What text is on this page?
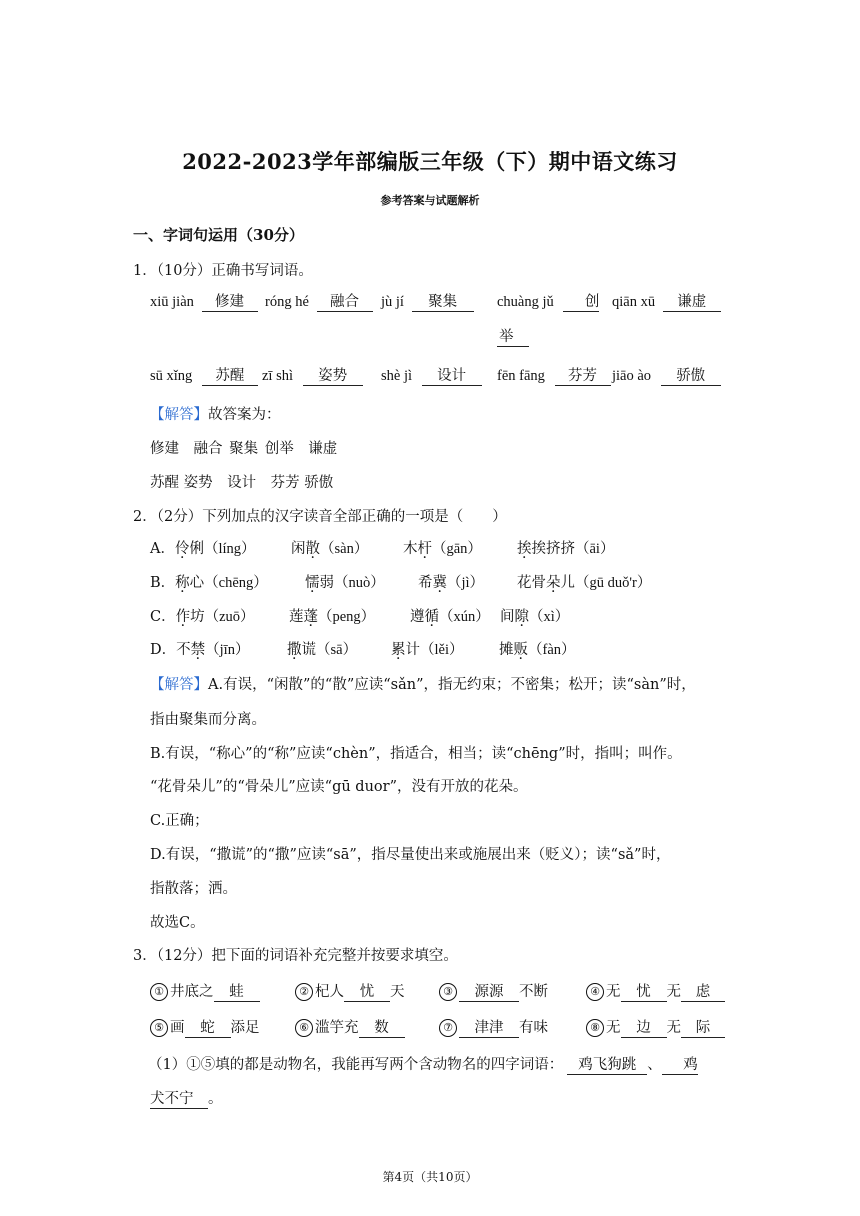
2022-2023学年部编版三年级（下）期中语文练习
参考答案与试题解析
一、字词句运用（30分）
1．（10分）正确书写词语。
xiū jiàn 修建	róng hé 融合	jù jí 聚集	chuàng jǔ 创 qiān xū 谦虚
举
sū xǐng 苏醒	zī shì 姿势	shè jì 设计	fēn fāng 芬芳	jiāo ào 骄傲
【解答】故答案为：
修建　融合 聚集 创举　谦虚
苏醒 姿势　设计　芬芳 骄傲
2．（2分）下列加点的汉字读音全部正确的一项是（　　）
A．伶俐（líng） 闲散（sàn） 木杆（gān） 挨挨挤挤（āi）
B．称心（chēng）	懦弱（nuò） 希冀（jì） 花骨朵儿（gū duǒ'r）
C．作坊（zuō） 莲蓬（peng） 遵循（xún） 间隙（xì）
D．不禁（jīn）	撒谎（sā） 累计（lěi） 摊贩（fàn）
【解答】A.有误，“闲散”的“散”应读“sǎn”，指无约束；不密集；松开；读“sàn”时，
指由聚集而分离。
B.有误，“称心”的“称”应读“chèn”，指适合，相当；读“chēng”时，指叫；叫作。
“花骨朵儿”的“骨朵儿”应读“gū duor”，没有开放的花朵。
C.正确；
D.有误，“撒谎”的“撒”应读“sā”，指尽量使出来或施展出来（贬义）；读“sǎ”时，
指散落；洒。
故选C。
3．（12分）把下面的词语补充完整并按要求填空。
① 井底之 蛙	② 杞人 忧 天	③ 源源 不断	④ 无 忧 无 虑
⑤ 画 蛇 添足	⑥ 滥竽充 数	⑦ 津津 有味	⑧ 无 边 无 际
（1）①⑤填的都是动物名，我能再写两个含动物名的四字词语： 鸡飞狗跳 、 鸡
犬不宁 。
第4页（共10页）
